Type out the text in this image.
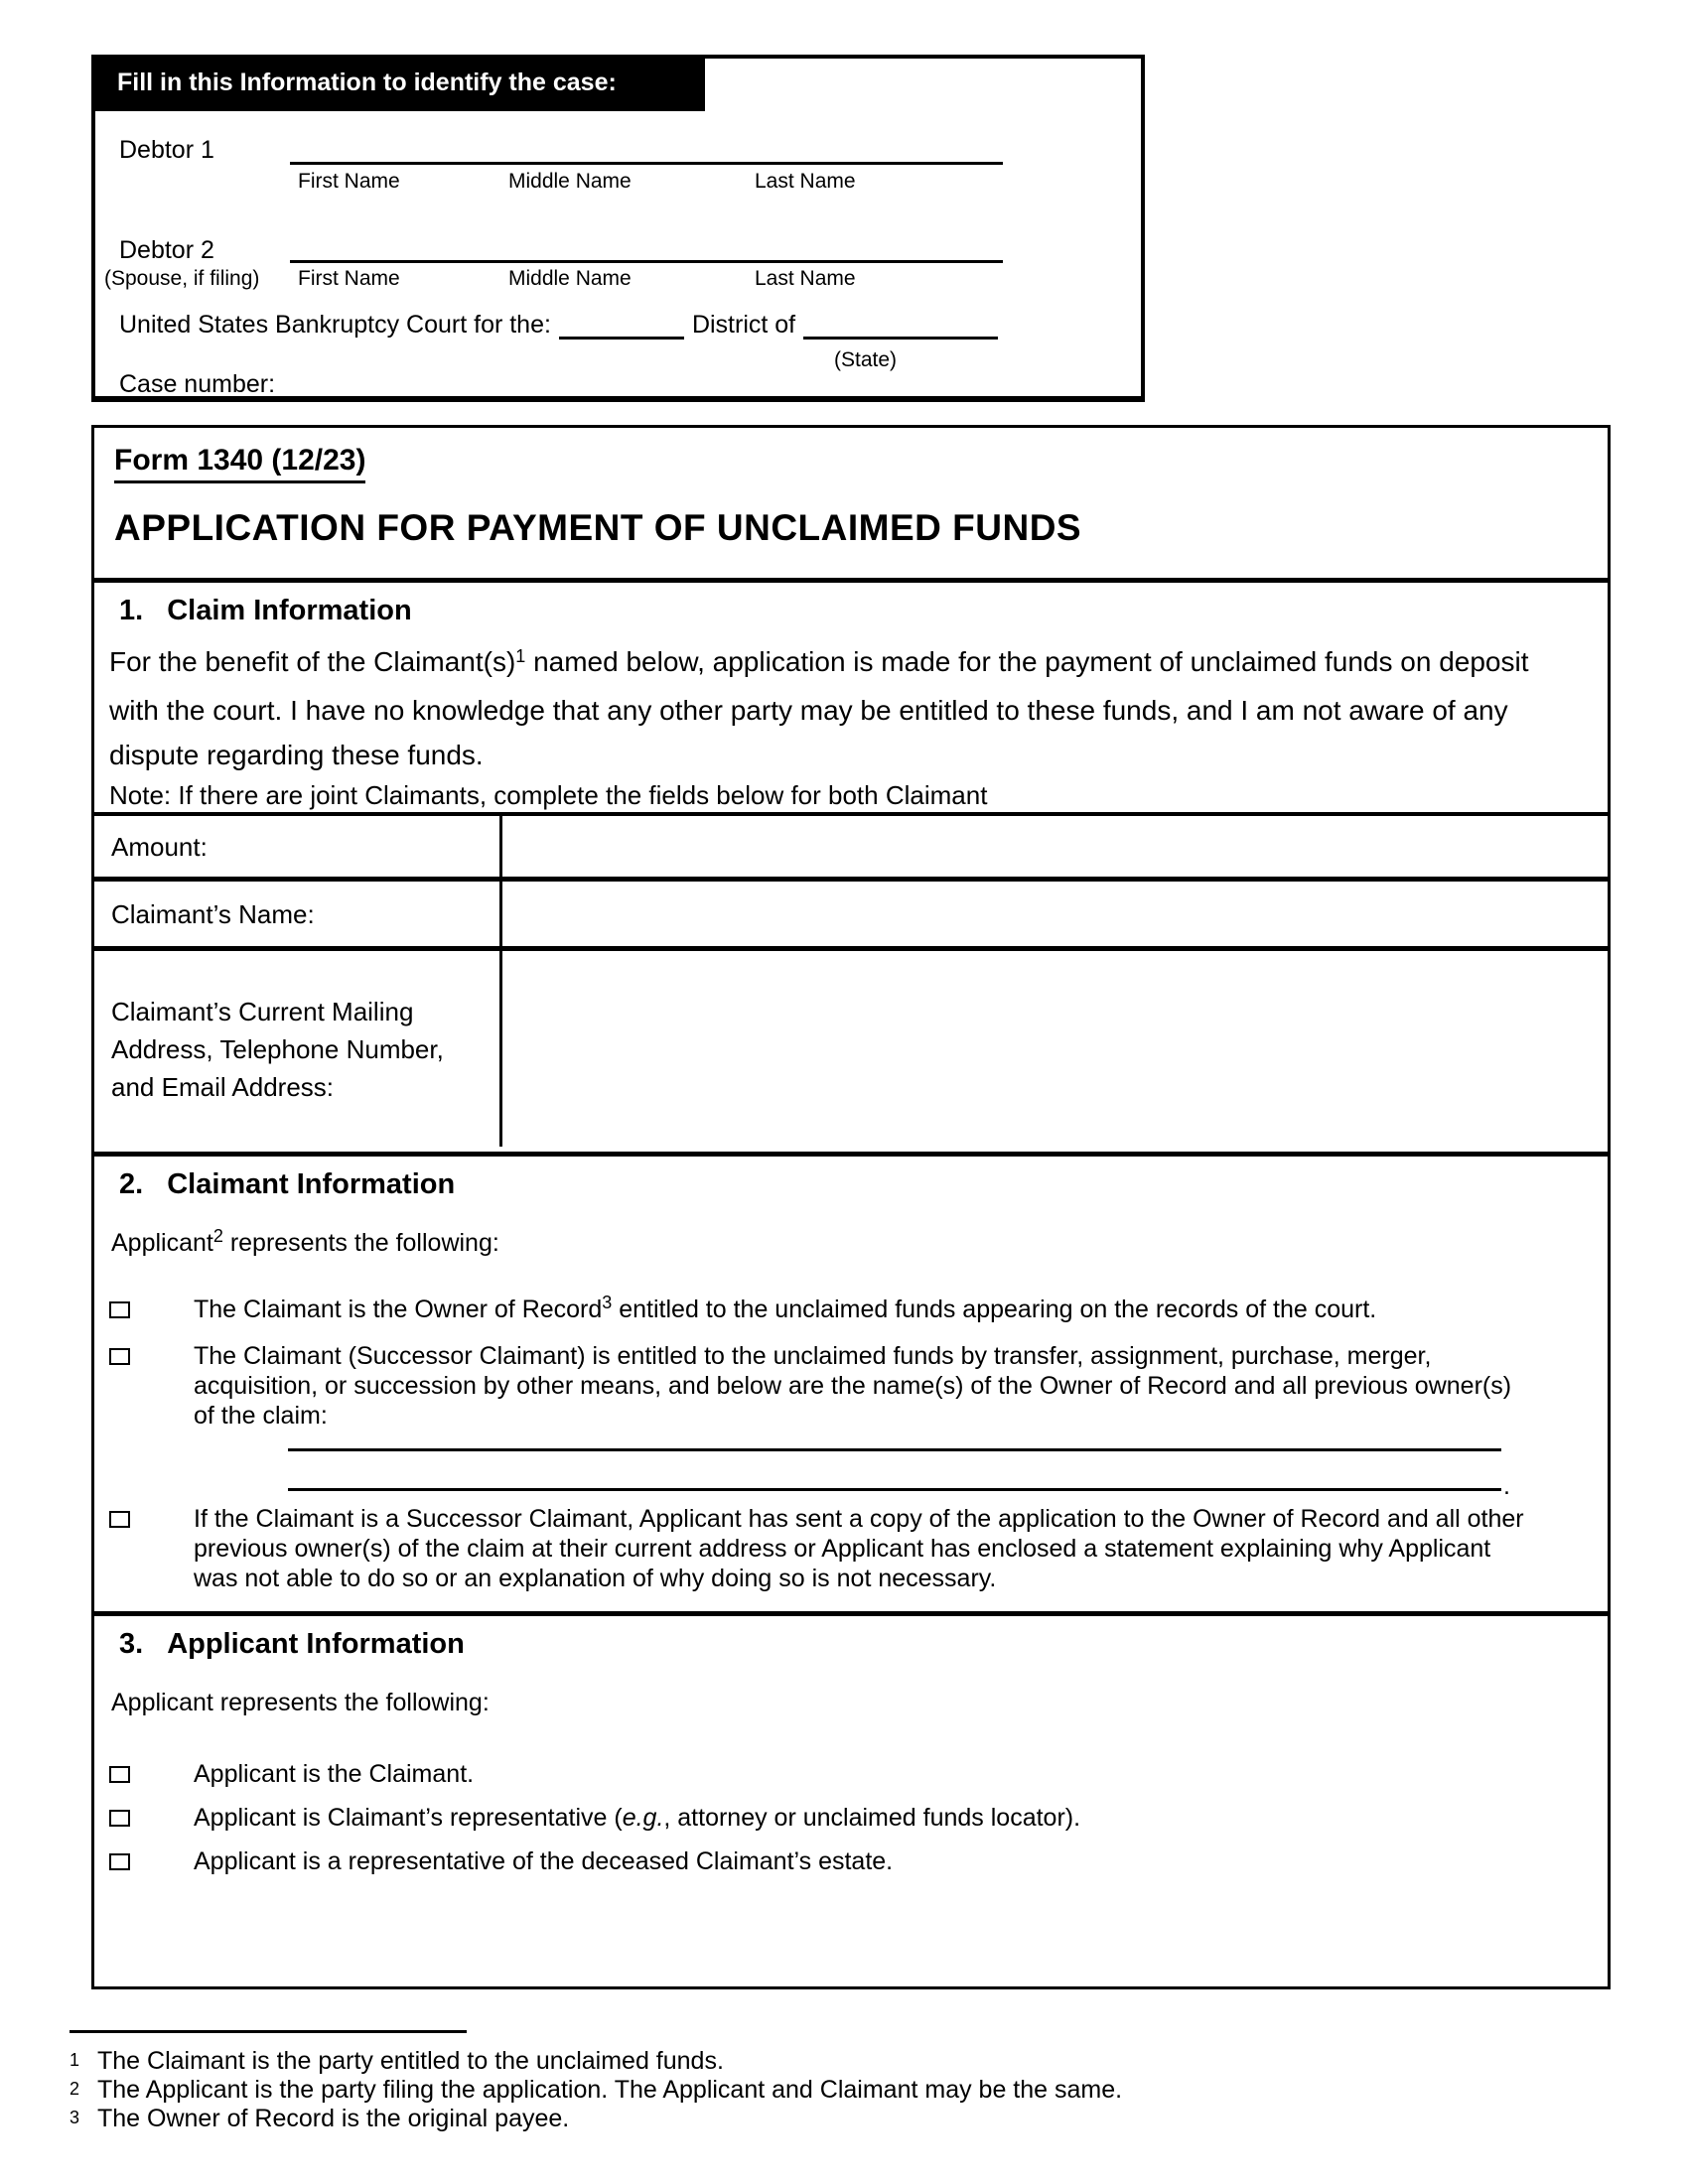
Fill in this Information to identify the case:
Debtor 1
First Name	Middle Name	Last Name
Debtor 2
(Spouse, if filing) First Name	Middle Name	Last Name
United States Bankruptcy Court for the:	District of
(State)
Case number:
Form 1340 (12/23)
APPLICATION FOR PAYMENT OF UNCLAIMED FUNDS
1. Claim Information

For the benefit of the $Claimant(s)^1$ named below, application is made for the payment of unclaimed funds on deposit with the court. I have no knowledge that any other party may be entitled to these funds, and I am not aware of any dispute regarding these funds.

Note: If there are joint Claimants, complete the fields below for both Claimant
Amount:
Claimant’s Name:
Claimant’s Current Mailing Address, Telephone Number, and Email Address:
2. Claimant Information
Applicant$^2$ represents the following:
The Claimant is the Owner of Record$^3$ entitled to the unclaimed funds appearing on the records of the court.
The Claimant (Successor Claimant) is entitled to the unclaimed funds by transfer, assignment, purchase, merger, acquisition, or succession by other means, and below are the name(s) of the Owner of Record and all previous owner(s) of the claim:
.
If the Claimant is a Successor Claimant, Applicant has sent a copy of the application to the Owner of Record and all other previous owner(s) of the claim at their current address or Applicant has enclosed a statement explaining why Applicant was not able to do so or an explanation of why doing so is not necessary.
3. Applicant Information
Applicant represents the following:
Applicant is the Claimant.
Applicant is Claimant’s representative (e.g., attorney or unclaimed funds locator).
Applicant is a representative of the deceased Claimant’s estate.
1 The Claimant is the party entitled to the unclaimed funds.
2 The Applicant is the party filing the application. The Applicant and Claimant may be the same.
3 The Owner of Record is the original payee.
